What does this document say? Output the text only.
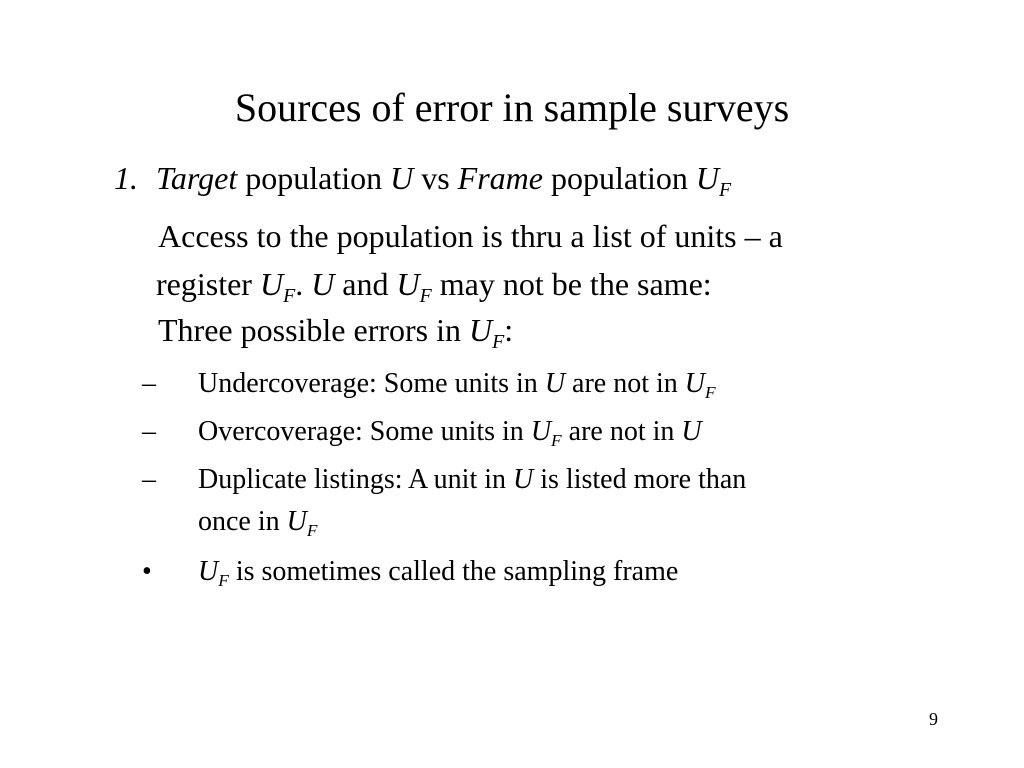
Sources of error in sample surveys
1. Target population U vs Frame population $U_F$
Access to the population is thru a list of units – a
register $U_F$. U and $U_F$ may not be the same:
Three possible errors in $U_F$:
– Undercoverage: Some units in U are not in $U_F$
– Overcoverage: Some units in $U_F$ are not in U
– Duplicate listings: A unit in U is listed more than
once in $U_F$
• $U_F$ is sometimes called the sampling frame
9
